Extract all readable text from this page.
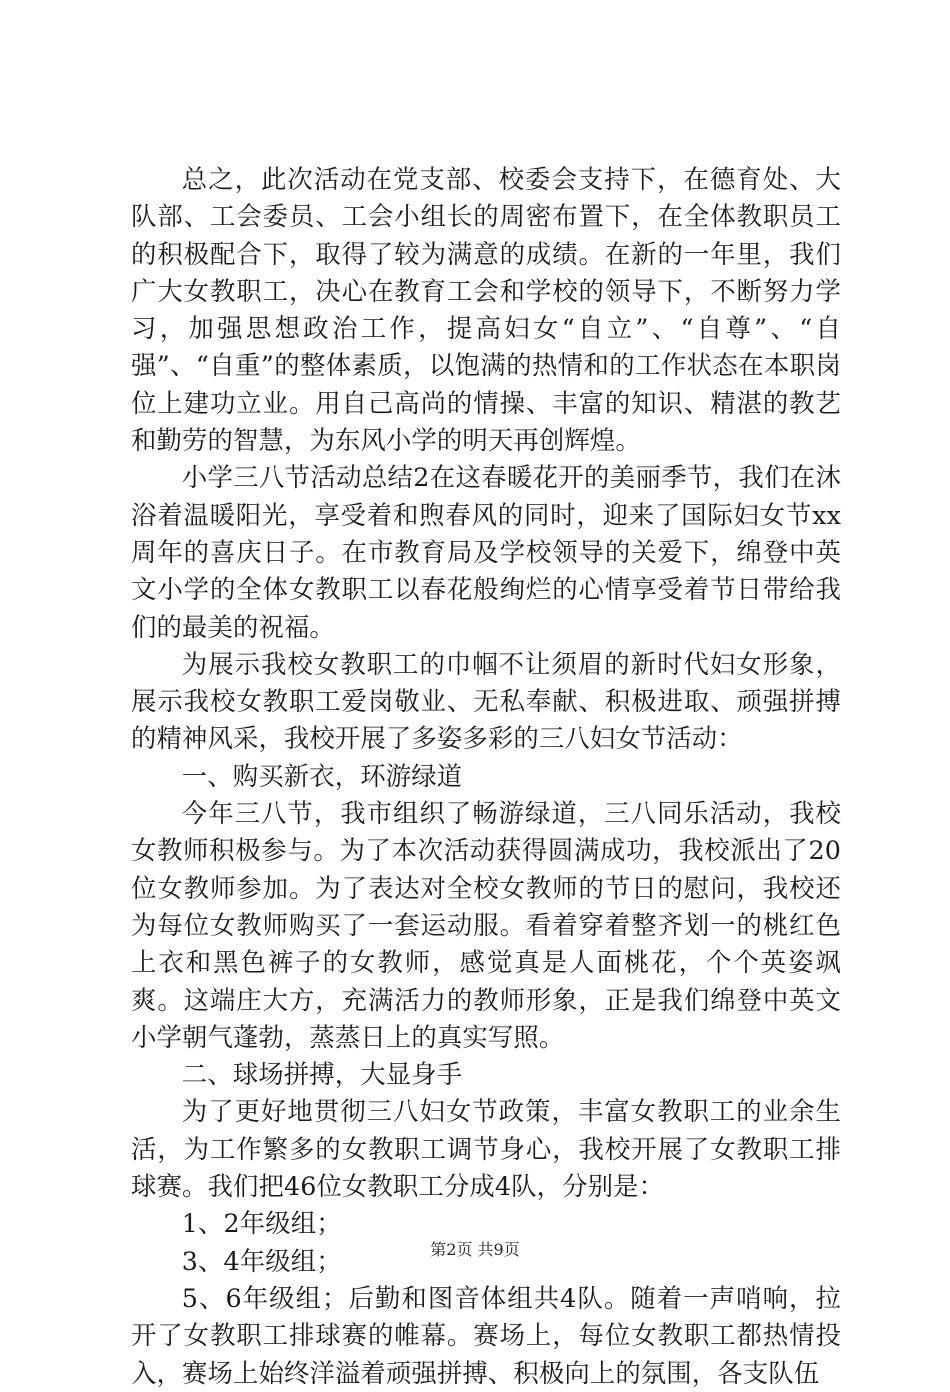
总之，此次活动在党支部、校委会支持下，在德育处、大队部、工会委员、工会小组长的周密布置下，在全体教职员工的积极配合下，取得了较为满意的成绩。在新的一年里，我们广大女教职工，决心在教育工会和学校的领导下，不断努力学习，加强思想政治工作，提高妇女“自立”、“自尊”、“自强”、“自重”的整体素质，以饱满的热情和的工作状态在本职岗位上建功立业。用自己高尚的情操、丰富的知识、精湛的教艺和勤劳的智慧，为东风小学的明天再创辉煌。

小学三八节活动总结2在这春暖花开的美丽季节，我们在沐浴着温暖阳光，享受着和煦春风的同时，迎来了国际妇女节xx周年的喜庆日子。在市教育局及学校领导的关爱下，绵登中英文小学的全体女教职工以春花般绚烂的心情享受着节日带给我们的最美的祝福。

为展示我校女教职工的巾帼不让须眉的新时代妇女形象，展示我校女教职工爱岗敬业、无私奉献、积极进取、顽强拼搏的精神风采，我校开展了多姿多彩的三八妇女节活动：

一、购买新衣，环游绿道

今年三八节，我市组织了畅游绿道，三八同乐活动，我校女教师积极参与。为了本次活动获得圆满成功，我校派出了20位女教师参加。为了表达对全校女教师的节日的慰问，我校还为每位女教师购买了一套运动服。看着穿着整齐划一的桃红色上衣和黑色裤子的女教师，感觉真是人面桃花，个个英姿飒爽。这端庄大方，充满活力的教师形象，正是我们绵登中英文小学朝气蓬勃，蒸蒸日上的真实写照。

二、球场拼搏，大显身手

为了更好地贯彻三八妇女节政策，丰富女教职工的业余生活，为工作繁多的女教职工调节身心，我校开展了女教职工排球赛。我们把46位女教职工分成4队，分别是：

1、2年级组；

3、4年级组；

5、6年级组；后勤和图音体组共4队。随着一声哨响，拉开了女教职工排球赛的帷幕。赛场上，每位女教职工都热情投入，赛场上始终洋溢着顽强拼搏、积极向上的氛围，各支队伍

第2页 共9页
